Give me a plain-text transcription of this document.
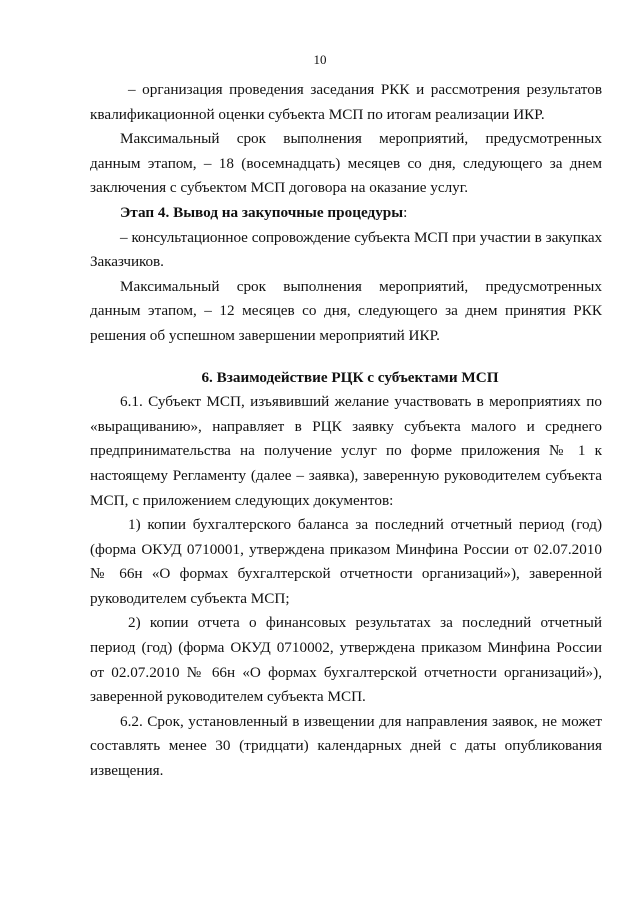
10

– организация проведения заседания РКК и рассмотрения результатов квалификационной оценки субъекта МСП по итогам реализации ИКР.

Максимальный срок выполнения мероприятий, предусмотренных данным этапом, – 18 (восемнадцать) месяцев со дня, следующего за днем заключения с субъектом МСП договора на оказание услуг.

Этап 4. Вывод на закупочные процедуры:

– консультационное сопровождение субъекта МСП при участии в закупках Заказчиков.

Максимальный срок выполнения мероприятий, предусмотренных данным этапом, – 12 месяцев со дня, следующего за днем принятия РКК решения об успешном завершении мероприятий ИКР.

6. Взаимодействие РЦК с субъектами МСП

6.1. Субъект МСП, изъявивший желание участвовать в мероприятиях по «выращиванию», направляет в РЦК заявку субъекта малого и среднего предпринимательства на получение услуг по форме приложения № 1 к настоящему Регламенту (далее – заявка), заверенную руководителем субъекта МСП, с приложением следующих документов:

1) копии бухгалтерского баланса за последний отчетный период (год) (форма ОКУД 0710001, утверждена приказом Минфина России от 02.07.2010 № 66н «О формах бухгалтерской отчетности организаций»), заверенной руководителем субъекта МСП;

2) копии отчета о финансовых результатах за последний отчетный период (год) (форма ОКУД 0710002, утверждена приказом Минфина России от 02.07.2010 № 66н «О формах бухгалтерской отчетности организаций»), заверенной руководителем субъекта МСП.

6.2. Срок, установленный в извещении для направления заявок, не может составлять менее 30 (тридцати) календарных дней с даты опубликования извещения.
